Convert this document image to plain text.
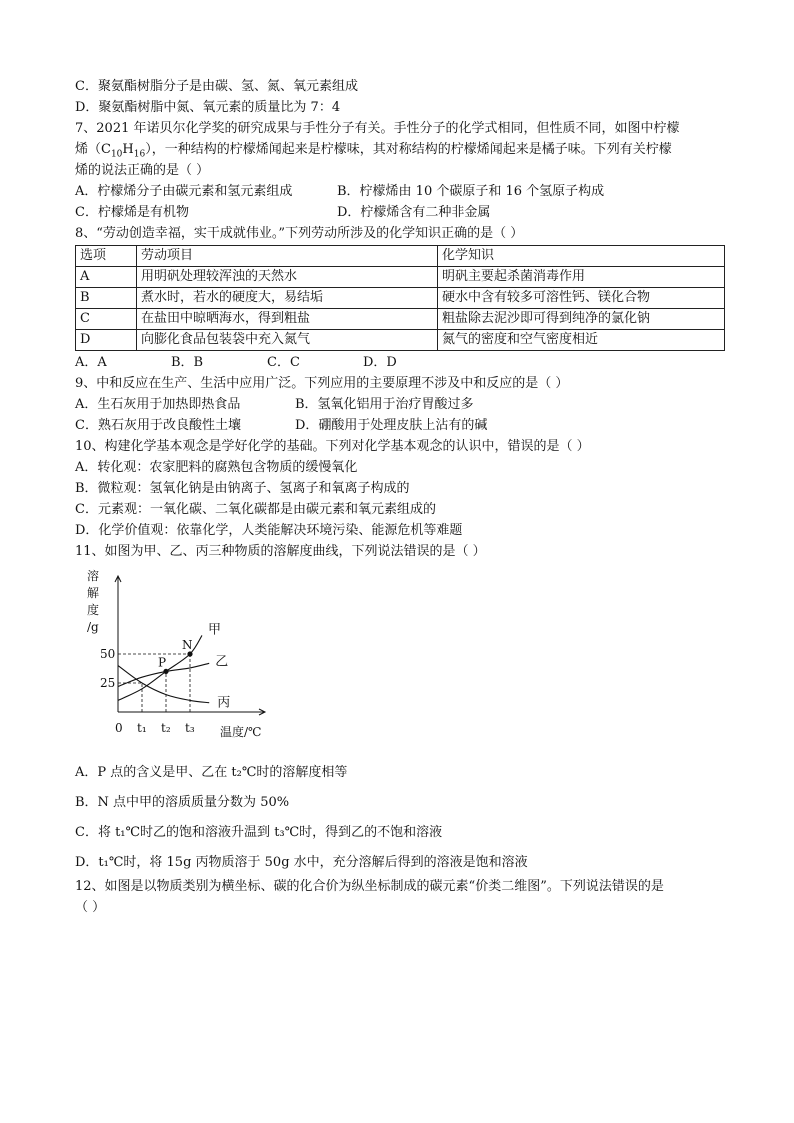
C．聚氨酯树脂分子是由碳、氢、氮、氧元素组成
D．聚氨酯树脂中氮、氧元素的质量比为 7：4
7、2021 年诺贝尔化学奖的研究成果与手性分子有关。手性分子的化学式相同，但性质不同，如图中柠檬
烯$(C_{10}H_{16})$，一种结构的柠檬烯闻起来是柠檬味，其对称结构的柠檬烯闻起来是橘子味。下列有关柠檬
烯的说法正确的是（ ）
A．柠檬烯分子由碳元素和氢元素组成	B．柠檬烯由 10 个碳原子和 16 个氢原子构成
C．柠檬烯是有机物	D．柠檬烯含有二种非金属
8、“劳动创造幸福，实干成就伟业。”下列劳动所涉及的化学知识正确的是（ ）
选项	劳动项目	化学知识
A	用明矾处理较浑浊的天然水	明矾主要起杀菌消毒作用
B	煮水时，若水的硬度大，易结垢	硬水中含有较多可溶性钙、镁化合物
C	在盐田中晾晒海水，得到粗盐	粗盐除去泥沙即可得到纯净的氯化钠
D	向膨化食品包装袋中充入氮气	氮气的密度和空气密度相近
A．A	B．B	C．C	D．D
9、中和反应在生产、生活中应用广泛。下列应用的主要原理不涉及中和反应的是（ ）
A．生石灰用于加热即热食品	B．氢氧化铝用于治疗胃酸过多
C．熟石灰用于改良酸性土壤	D．硼酸用于处理皮肤上沾有的碱
10、构建化学基本观念是学好化学的基础。下列对化学基本观念的认识中，错误的是（ ）
A．转化观：农家肥料的腐熟包含物质的缓慢氧化
B．微粒观：氢氧化钠是由钠离子、氢离子和氧离子构成的
C．元素观：一氧化碳、二氧化碳都是由碳元素和氧元素组成的
D．化学价值观：依靠化学，人类能解决环境污染、能源危机等难题
11、如图为甲、乙、丙三种物质的溶解度曲线，下列说法错误的是（ ）
溶
解
度
/g
温度/℃
0
甲
乙
丙
25
50
t₁ t₂ t₃
P
N
A．P 点的含义是甲、乙在 t₂℃时的溶解度相等
B．N 点中甲的溶质质量分数为 50%
C．将 t₁℃时乙的饱和溶液升温到 t₃℃时，得到乙的不饱和溶液
D．t₁℃时，将 15g 丙物质溶于 50g 水中，充分溶解后得到的溶液是饱和溶液
12、如图是以物质类别为横坐标、碳的化合价为纵坐标制成的碳元素“价类二维图”。下列说法错误的是
（ ）
